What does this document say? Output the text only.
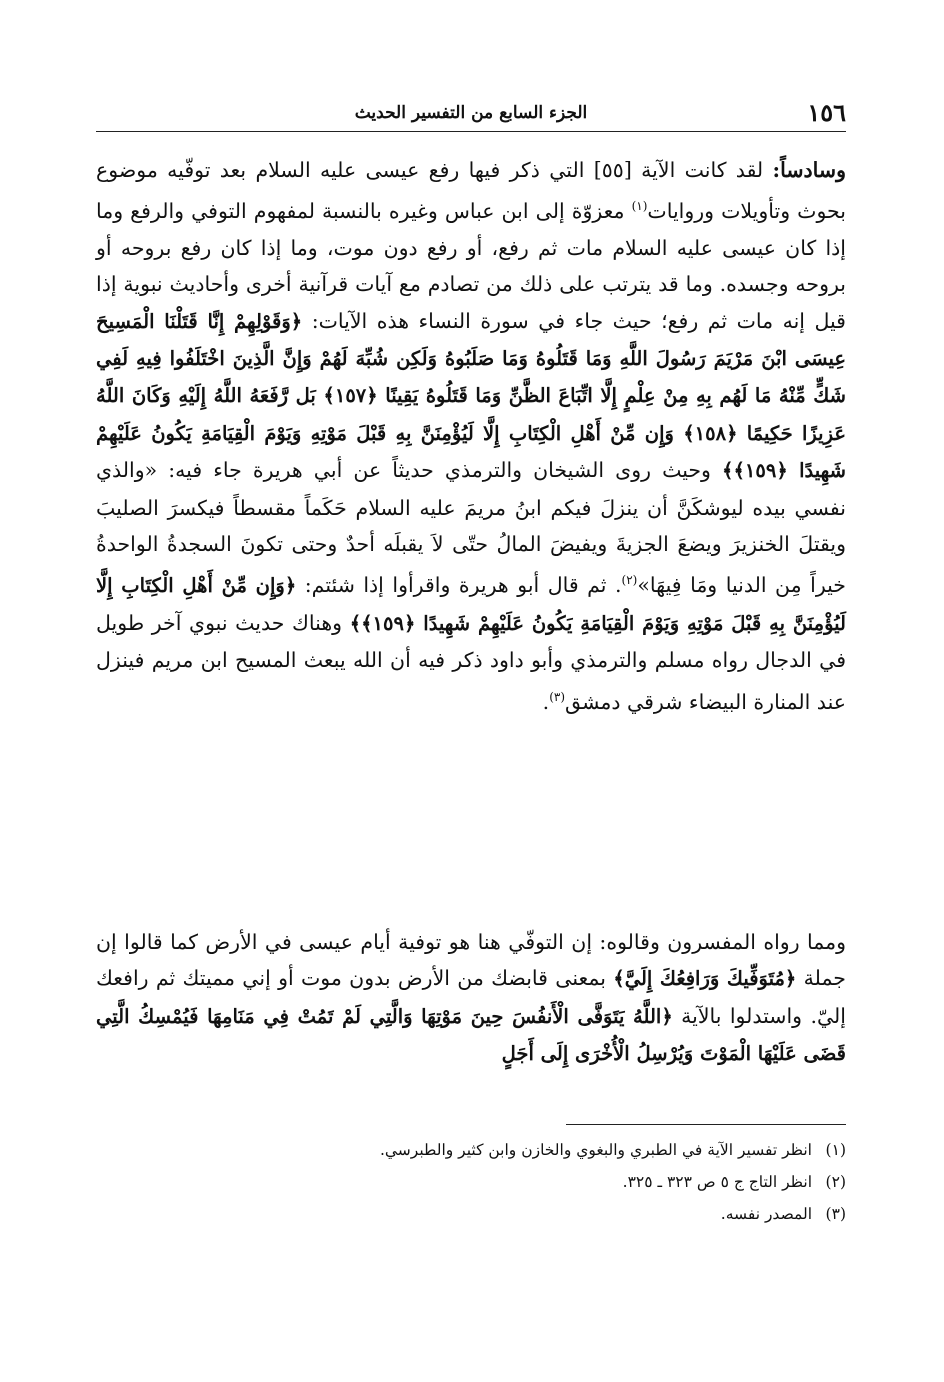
١٥٦
الجزء السابع من التفسير الحديث

وسادساً: لقد كانت الآية [٥٥] التي ذكر فيها رفع عيسى عليه السلام بعد توفّيه موضوع بحوث وتأويلات وروايات$^{(١)}$ معزوّة إلى ابن عباس وغيره بالنسبة لمفهوم التوفي والرفع وما إذا كان عيسى عليه السلام مات ثم رفع، أو رفع دون موت، وما إذا كان رفع بروحه أو بروحه وجسده. وما قد يترتب على ذلك من تصادم مع آيات قرآنية أخرى وأحاديث نبوية إذا قيل إنه مات ثم رفع؛ حيث جاء في سورة النساء هذه الآيات: ﴿وَقَوْلِهِمْ إِنَّا قَتَلْنَا الْمَسِيحَ عِيسَى ابْنَ مَرْيَمَ رَسُولَ اللَّهِ وَمَا قَتَلُوهُ وَمَا صَلَبُوهُ وَلَكِن شُبِّهَ لَهُمْ وَإِنَّ الَّذِينَ اخْتَلَفُوا فِيهِ لَفِي شَكٍّ مِّنْهُ مَا لَهُم بِهِ مِنْ عِلْمٍ إِلَّا اتِّبَاعَ الظَّنِّ وَمَا قَتَلُوهُ يَقِينًا ﴿١٥٧﴾ بَل رَّفَعَهُ اللَّهُ إِلَيْهِ وَكَانَ اللَّهُ عَزِيزًا حَكِيمًا ﴿١٥٨﴾ وَإِن مِّنْ أَهْلِ الْكِتَابِ إِلَّا لَيُؤْمِنَنَّ بِهِ قَبْلَ مَوْتِهِ وَيَوْمَ الْقِيَامَةِ يَكُونُ عَلَيْهِمْ شَهِيدًا ﴿١٥٩﴾﴾ وحيث روى الشيخان والترمذي حديثاً عن أبي هريرة جاء فيه: «والذي نفسي بيده ليوشكَنَّ أن ينزلَ فيكم ابنُ مريمَ عليه السلام حَكَماً مقسطاً فيكسرَ الصليبَ ويقتلَ الخنزيرَ ويضعَ الجزيةَ ويفيضَ المالُ حتّى لاَ يقبلَه أحدٌ وحتى تكونَ السجدةُ الواحدةُ خيراً مِن الدنيا ومَا فِيهَا»$^{(٢)}$. ثم قال أبو هريرة واقرأوا إذا شئتم: ﴿وَإِن مِّنْ أَهْلِ الْكِتَابِ إِلَّا لَيُؤْمِنَنَّ بِهِ قَبْلَ مَوْتِهِ وَيَوْمَ الْقِيَامَةِ يَكُونُ عَلَيْهِمْ شَهِيدًا ﴿١٥٩﴾﴾ وهناك حديث نبوي آخر طويل في الدجال رواه مسلم والترمذي وأبو داود ذكر فيه أن الله يبعث المسيح ابن مريم فينزل عند المنارة البيضاء شرقي دمشق$^{(٣)}$.

ومما رواه المفسرون وقالوه: إن التوفّي هنا هو توفية أيام عيسى في الأرض كما قالوا إن جملة ﴿مُتَوَفِّيكَ وَرَافِعُكَ إِلَيَّ﴾ بمعنى قابضك من الأرض بدون موت أو إني مميتك ثم رافعك إليّ. واستدلوا بالآية ﴿اللَّهُ يَتَوَفَّى الْأَنفُسَ حِينَ مَوْتِهَا وَالَّتِي لَمْ تَمُتْ فِي مَنَامِهَا فَيُمْسِكُ الَّتِي قَضَى عَلَيْهَا الْمَوْتَ وَيُرْسِلُ الْأُخْرَى إِلَى أَجَلٍ

(١)انظر تفسير الآية في الطبري والبغوي والخازن وابن كثير والطبرسي.

(٢)انظر التاج ج ٥ ص ٣٢٣ ـ ٣٢٥.

(٣)المصدر نفسه.
